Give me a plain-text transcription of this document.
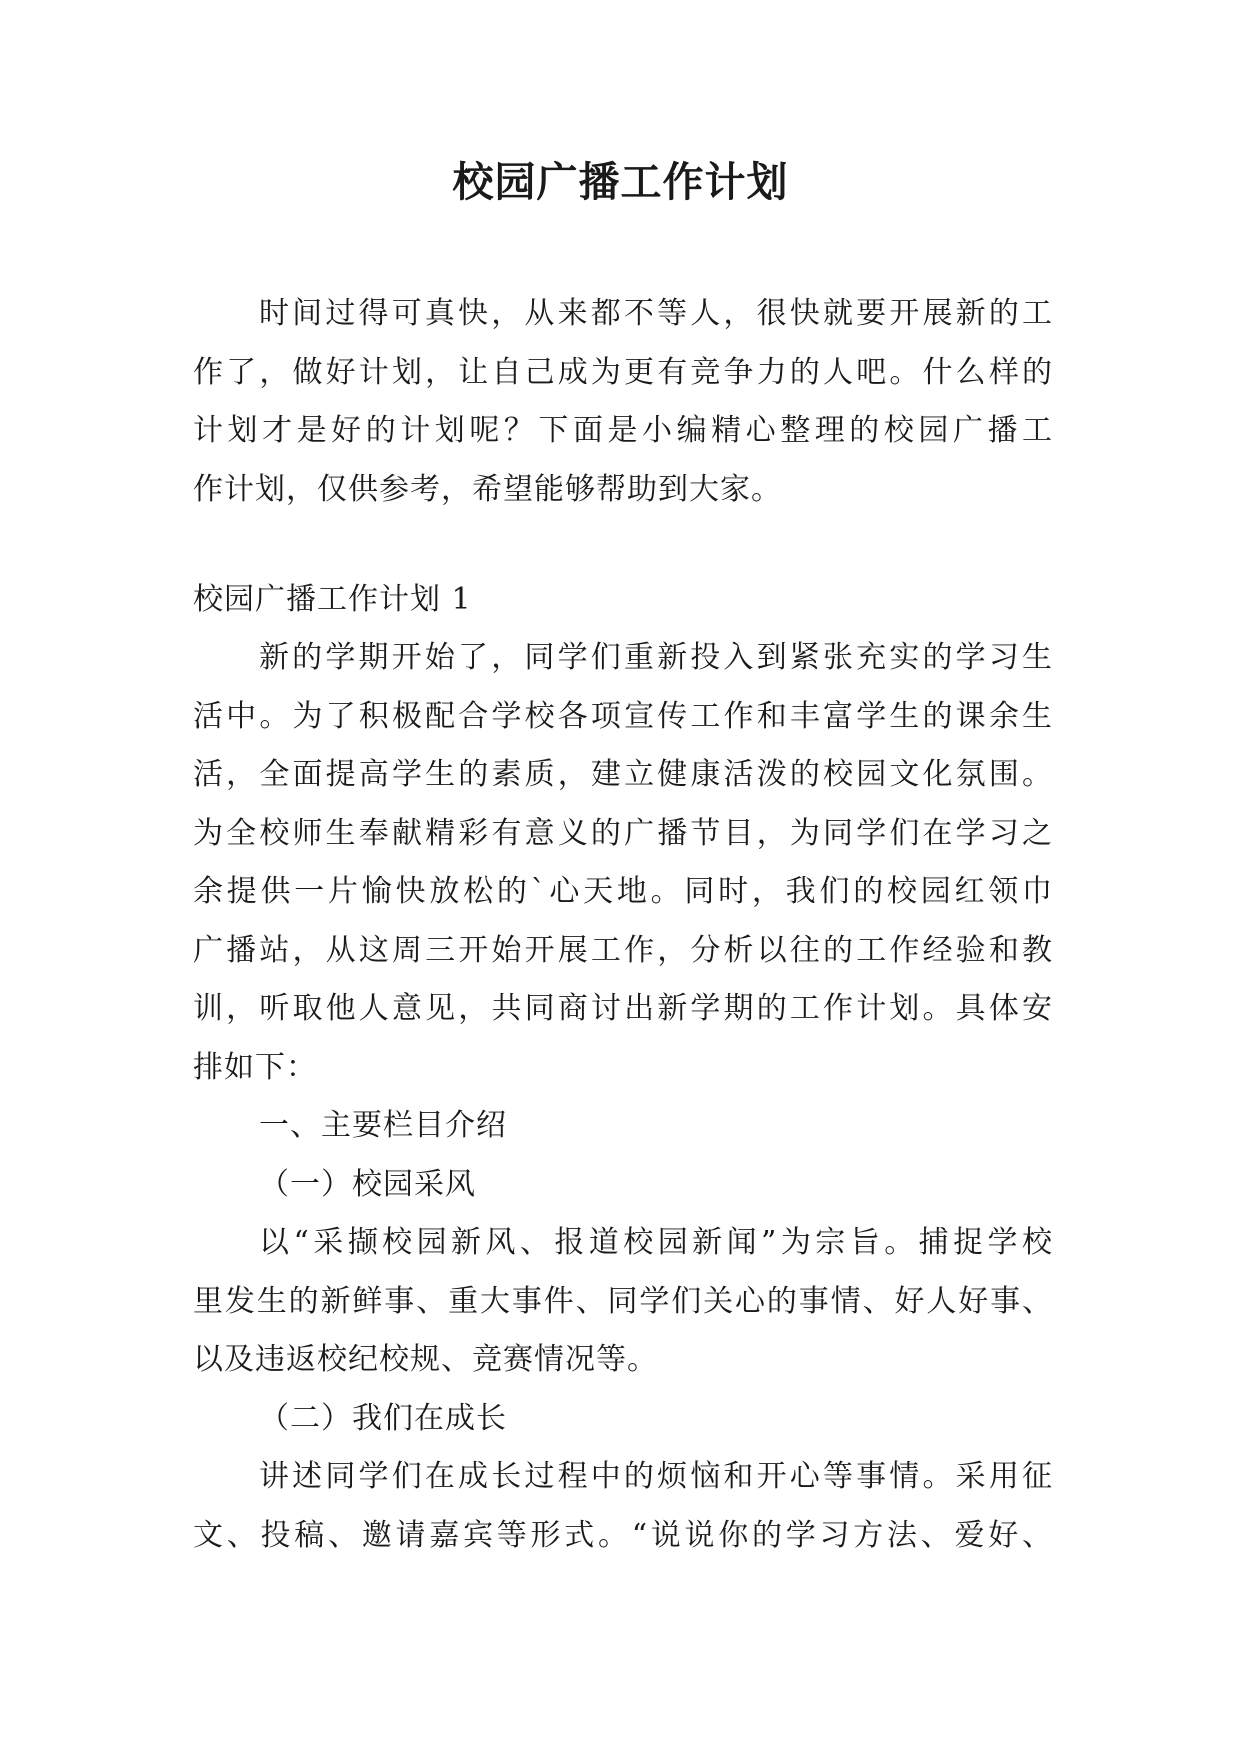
校园广播工作计划
时间过得可真快，从来都不等人，很快就要开展新的工
作了，做好计划，让自己成为更有竞争力的人吧。什么样的
计划才是好的计划呢？下面是小编精心整理的校园广播工
作计划，仅供参考，希望能够帮助到大家。
校园广播工作计划 1
新的学期开始了，同学们重新投入到紧张充实的学习生
活中。为了积极配合学校各项宣传工作和丰富学生的课余生
活，全面提高学生的素质，建立健康活泼的校园文化氛围。
为全校师生奉献精彩有意义的广播节目，为同学们在学习之
余提供一片愉快放松的`心天地。同时，我们的校园红领巾
广播站，从这周三开始开展工作，分析以往的工作经验和教
训，听取他人意见，共同商讨出新学期的工作计划。具体安
排如下：
一、主要栏目介绍
（一）校园采风
以“采撷校园新风、报道校园新闻”为宗旨。捕捉学校
里发生的新鲜事、重大事件、同学们关心的事情、好人好事、
以及违返校纪校规、竞赛情况等。
（二）我们在成长
讲述同学们在成长过程中的烦恼和开心等事情。采用征
文、投稿、邀请嘉宾等形式。“说说你的学习方法、爱好、
